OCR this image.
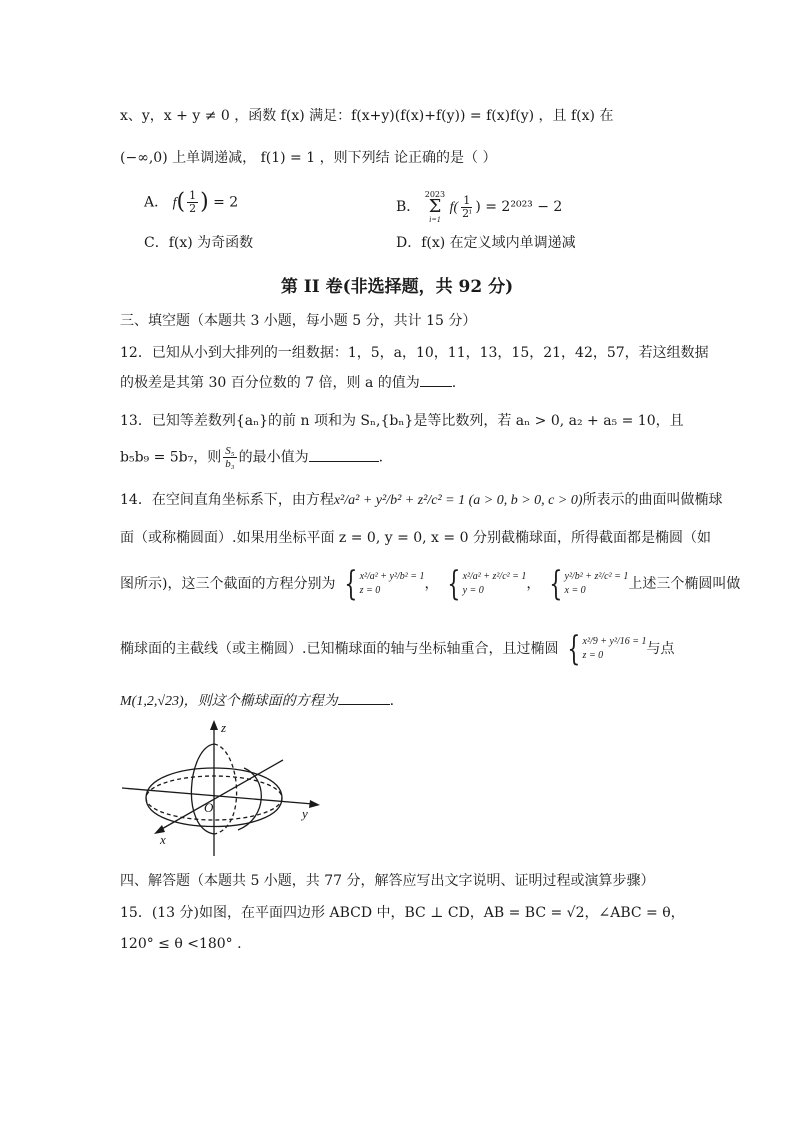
x、y，x + y ≠ 0 ，函数 f(x) 满足：f(x+y)(f(x)+f(y)) = f(x)f(y) ，且 f(x) 在
(−∞,0) 上单调递减， f(1) = 1 ，则下列结 论正确的是（ ）
A． $f( \frac{1}{2}$ ) = 2	B．
2023
Σ
i=1
$f( \frac{1}{\text{2ⁱ}}$ ) = 2²⁰²³ − 2
C．f(x) 为奇函数	D．f(x) 在定义域内单调递减
第 II 卷(非选择题，共 92 分)
三、填空题（本题共 3 小题，每小题 5 分，共计 15 分）
12．已知从小到大排列的一组数据：1，5，a，10，11，13，15，21，42，57，若这组数据
的极差是其第 30 百分位数的 7 倍，则 a 的值为 .
13．已知等差数列{aₙ}的前 n 项和为 Sₙ,{bₙ}是等比数列，若 aₙ > 0, a₂ + a₅ = 10，且
b₅b₉ = 5b₇，则 $\frac{\text{S₅}}{\text{b₃}}$ 的最小值为	.
14．在空间直角坐标系下，由方程x²/a² + y²/b² + z²/c² = 1 (a > 0, b > 0, c > 0)所表示的曲面叫做椭球
面（或称椭圆面）.如果用坐标平面 z = 0, y = 0, x = 0 分别截椭球面，所得截面都是椭圆（如
图所示)，这三个截面的方程分别为 { x²/a² + y²/b² = 1
z = 0	， { x²/a² + z²/c² = 1
y = 0	， { y²/b² + z²/c² = 1
x = 0	上述三个椭圆叫做
椭球面的主截线（或主椭圆）.已知椭球面的轴与坐标轴重合，且过椭圆 { x²/9 + y²/16 = 1
z = 0	与点
M(1,2,√23)，则这个椭球面的方程为	.
z
y
x
O
四、解答题（本题共 5 小题，共 77 分，解答应写出文字说明、证明过程或演算步骤）
15．(13 分)如图，在平面四边形 ABCD 中，BC ⊥ CD，AB = BC = √2，∠ABC = θ，
120° ≤ θ <180° .
